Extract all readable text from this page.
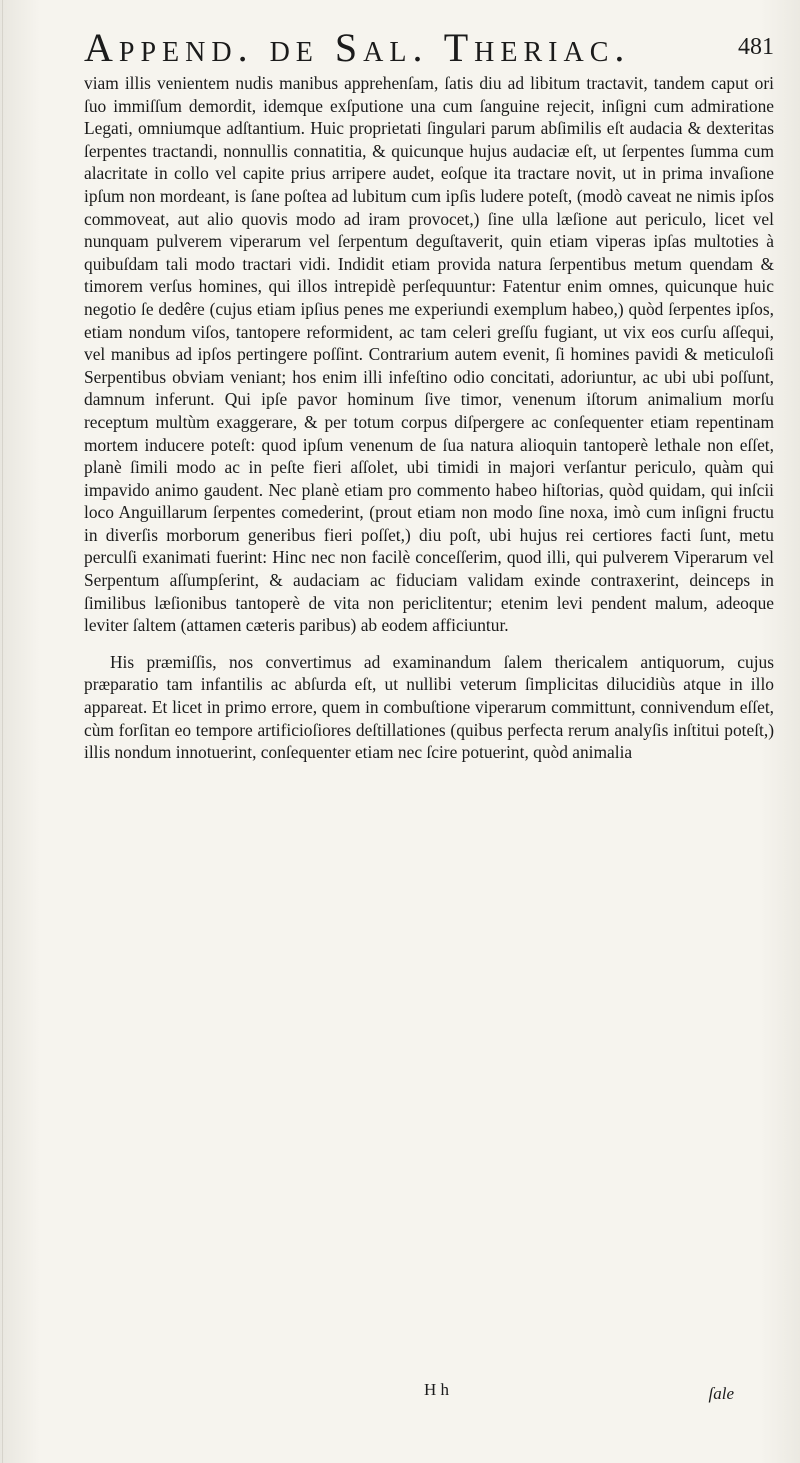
Append. de Sal. Theriac.	481

viam illis venientem nudis manibus apprehenſam, ſatis diu ad libitum tractavit, tandem caput ori ſuo immiſſum demordit, idemque exſputione una cum ſanguine rejecit, inſigni cum admiratione Legati, omniumque adſtantium. Huic proprietati ſingulari parum abſimilis eſt audacia & dexteritas ſerpentes tractandi, nonnullis connatitia, & quicunque hujus audaciæ eſt, ut ſerpentes ſumma cum alacritate in collo vel capite prius arripere audet, eoſque ita tractare novit, ut in prima invaſione ipſum non mordeant, is ſane poſtea ad lubitum cum ipſis ludere poteſt, (modò caveat ne nimis ipſos commoveat, aut alio quovis modo ad iram provocet,) ſine ulla læſione aut periculo, licet vel nunquam pulverem viperarum vel ſerpentum deguſtaverit, quin etiam viperas ipſas multoties à quibuſdam tali modo tractari vidi. Indidit etiam provida natura ſerpentibus metum quendam & timorem verſus homines, qui illos intrepidè perſequuntur: Fatentur enim omnes, quicunque huic negotio ſe dedêre (cujus etiam ipſius penes me experiundi exemplum habeo,) quòd ſerpentes ipſos, etiam nondum viſos, tantopere reformident, ac tam celeri greſſu fugiant, ut vix eos curſu aſſequi, vel manibus ad ipſos pertingere poſſint. Contrarium autem evenit, ſi homines pavidi & meticuloſi Serpentibus obviam veniant; hos enim illi infeſtino odio concitati, adoriuntur, ac ubi ubi poſſunt, damnum inferunt. Qui ipſe pavor hominum ſive timor, venenum iſtorum animalium morſu receptum multùm exaggerare, & per totum corpus diſpergere ac conſequenter etiam repentinam mortem inducere poteſt: quod ipſum venenum de ſua natura alioquin tantoperè lethale non eſſet, planè ſimili modo ac in peſte fieri aſſolet, ubi timidi in majori verſantur periculo, quàm qui impavido animo gaudent. Nec planè etiam pro commento habeo hiſtorias, quòd quidam, qui inſcii loco Anguillarum ſerpentes comederint, (prout etiam non modo ſine noxa, imò cum inſigni fructu in diverſis morborum generibus fieri poſſet,) diu poſt, ubi hujus rei certiores facti ſunt, metu perculſi exanimati fuerint: Hinc nec non facilè conceſſerim, quod illi, qui pulverem Viperarum vel Serpentum aſſumpſerint, & audaciam ac fiduciam validam exinde contraxerint, deinceps in ſimilibus læſionibus tantoperè de vita non periclitentur; etenim levi pendent malum, adeoque leviter ſaltem (attamen cæteris paribus) ab eodem afficiuntur.

His præmiſſis, nos convertimus ad examinandum ſalem thericalem antiquorum, cujus præparatio tam infantilis ac abſurda eſt, ut nullibi veterum ſimplicitas dilucidiùs atque in illo appareat. Et licet in primo errore, quem in combuſtione viperarum committunt, connivendum eſſet, cùm forſitan eo tempore artificioſiores deſtillationes (quibus perfecta rerum analyſis inſtitui poteſt,) illis nondum innotuerint, conſequenter etiam nec ſcire potuerint, quòd animalia

H h	ſale
